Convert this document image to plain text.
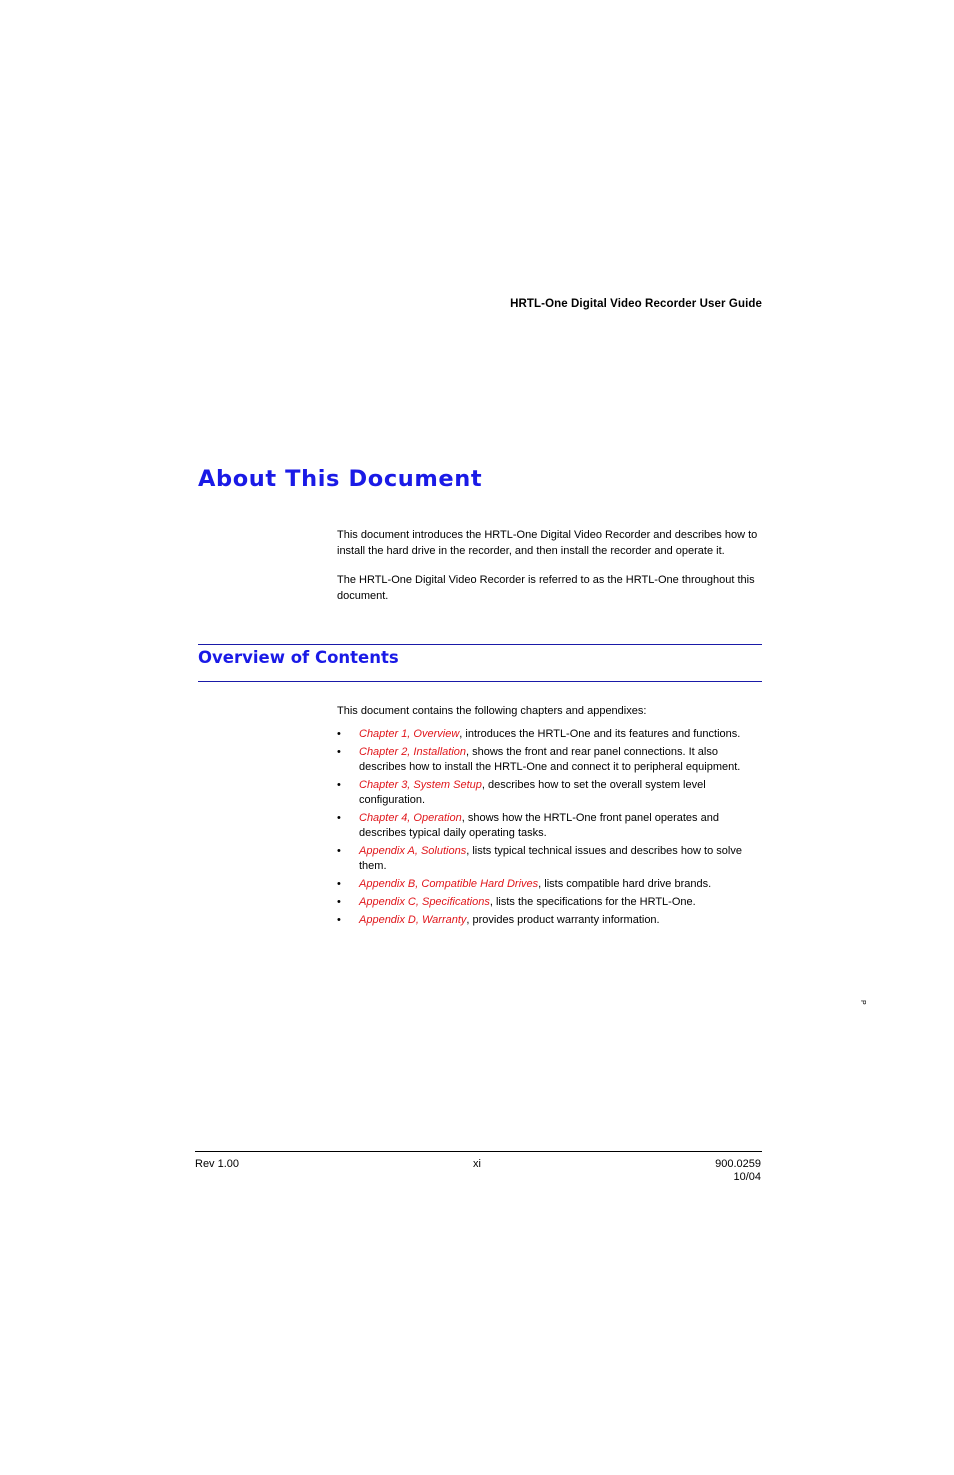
HRTL-One Digital Video Recorder User Guide
About This Document

This document introduces the HRTL-One Digital Video Recorder and describes how to install the hard drive in the recorder, and then install the recorder and operate it.

The HRTL-One Digital Video Recorder is referred to as the HRTL-One throughout this document.

Overview of Contents

This document contains the following chapters and appendixes:

• Chapter 1, Overview, introduces the HRTL-One and its features and functions.
• Chapter 2, Installation, shows the front and rear panel connections. It also describes how to install the HRTL-One and connect it to peripheral equipment.
• Chapter 3, System Setup, describes how to set the overall system level configuration.
• Chapter 4, Operation, shows how the HRTL-One front panel operates and describes typical daily operating tasks.
• Appendix A, Solutions, lists typical technical issues and describes how to solve them.
• Appendix B, Compatible Hard Drives, lists compatible hard drive brands.
• Appendix C, Specifications, lists the specifications for the HRTL-One.
• Appendix D, Warranty, provides product warranty information.
P
Rev 1.00	xi	900.0259
10/04
